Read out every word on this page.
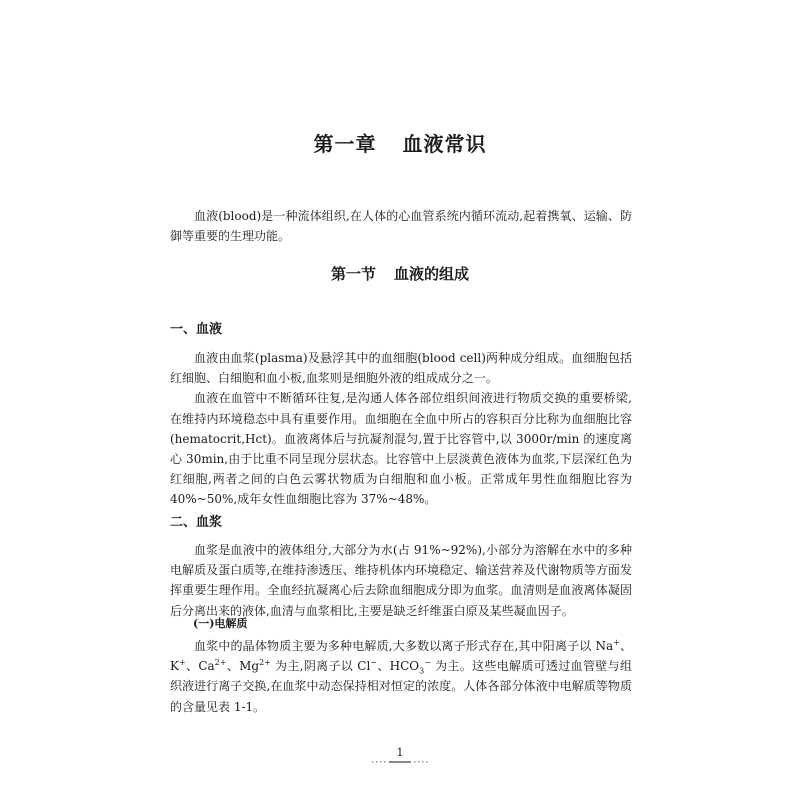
第一章 血液常识

血液(blood)是一种流体组织,在人体的心血管系统内循环流动,起着携氧、运输、防御等重要的生理功能。

第一节 血液的组成
一、血液

血液由血浆(plasma)及悬浮其中的血细胞(blood cell)两种成分组成。血细胞包括红细胞、白细胞和血小板,血浆则是细胞外液的组成成分之一。

血液在血管中不断循环往复,是沟通人体各部位组织间液进行物质交换的重要桥梁,在维持内环境稳态中具有重要作用。血细胞在全血中所占的容积百分比称为血细胞比容(hematocrit,Hct)。血液离体后与抗凝剂混匀,置于比容管中,以 3000r/min 的速度离心 30min,由于比重不同呈现分层状态。比容管中上层淡黄色液体为血浆,下层深红色为红细胞,两者之间的白色云雾状物质为白细胞和血小板。正常成年男性血细胞比容为 40%~50%,成年女性血细胞比容为 37%~48%。

二、血浆

血浆是血液中的液体组分,大部分为水(占 91%~92%),小部分为溶解在水中的多种电解质及蛋白质等,在维持渗透压、维持机体内环境稳定、输送营养及代谢物质等方面发挥重要生理作用。全血经抗凝离心后去除血细胞成分即为血浆。血清则是血液离体凝固后分离出来的液体,血清与血浆相比,主要是缺乏纤维蛋白原及某些凝血因子。

(一)电解质

血浆中的晶体物质主要为多种电解质,大多数以离子形式存在,其中阳离子以 Na+、K+、$Ca^{2+}$、$Mg^{2+}$ 为主,阴离子以 Cl−、$HCO_3^-$ 为主。这些电解质可透过血管壁与组织液进行离子交换,在血浆中动态保持相对恒定的浓度。人体各部分体液中电解质等物质的含量见表 1-1。

1
